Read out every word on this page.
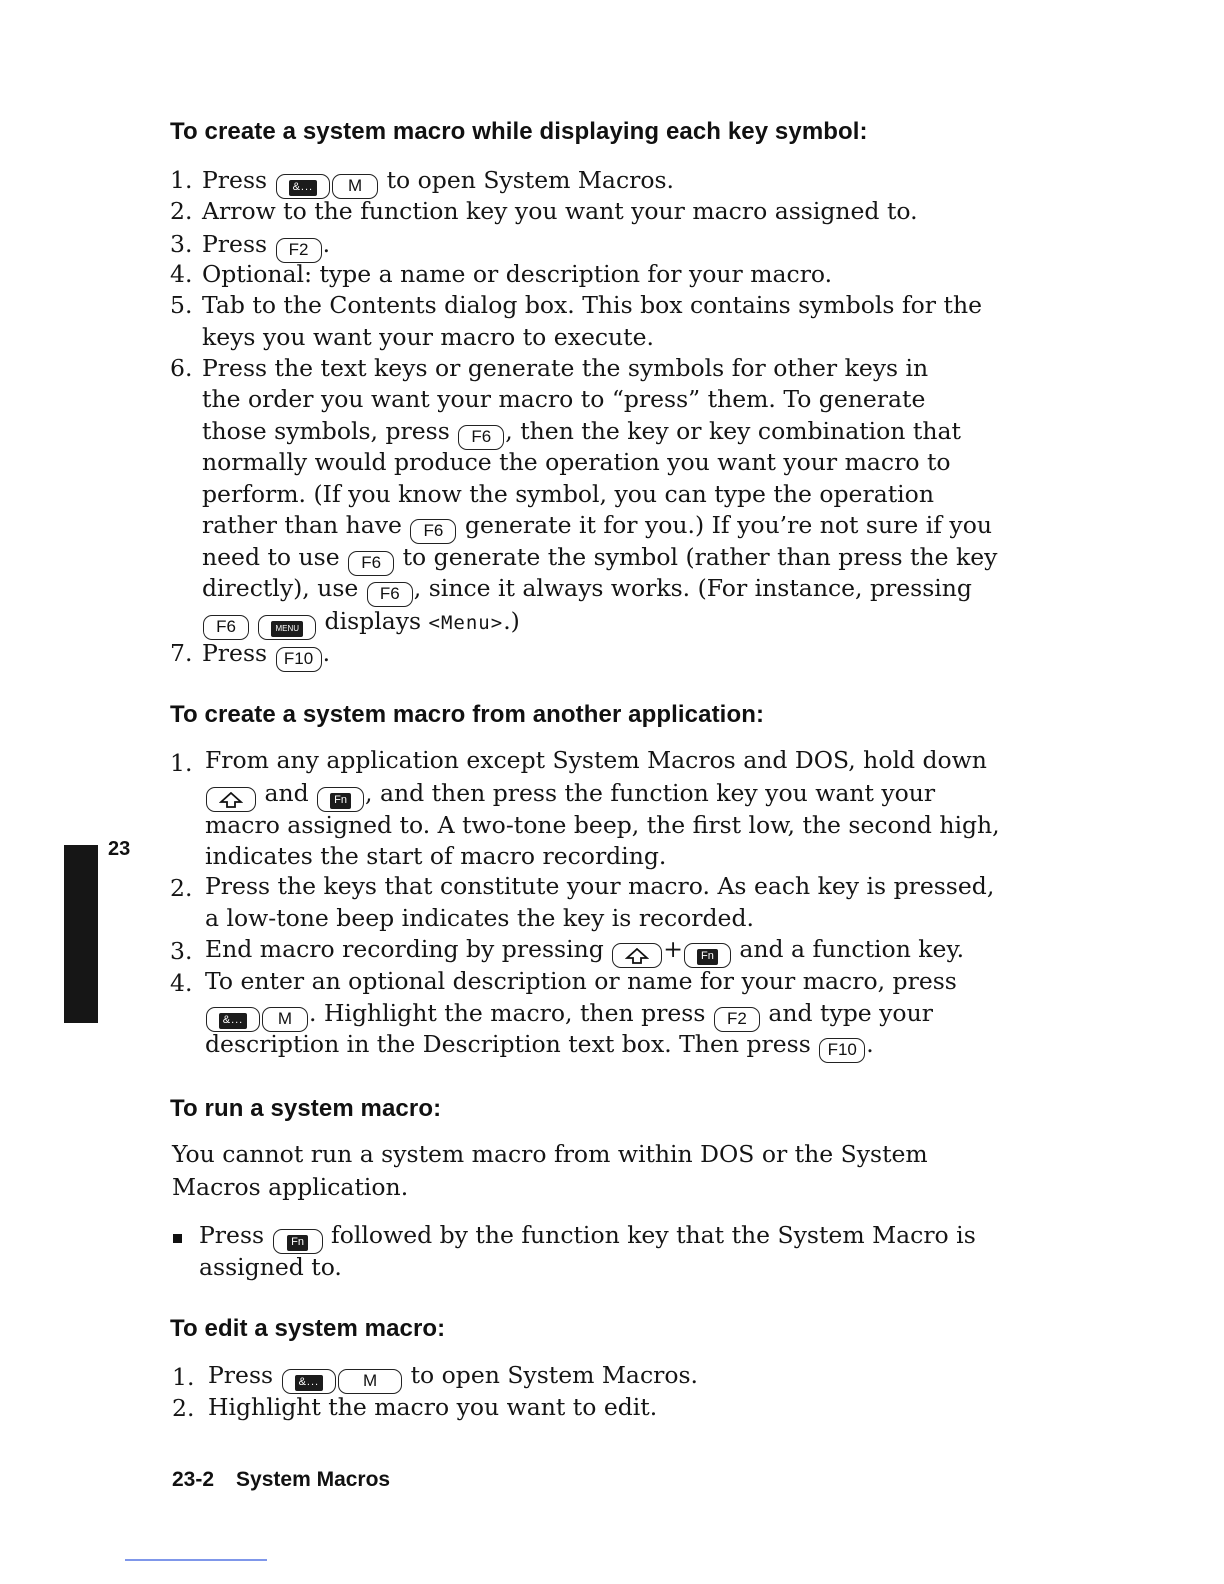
To create a system macro while displaying each key symbol:
1. Press &... M to open System Macros.

2. Arrow to the function key you want your macro assigned to.

3. Press F2 .

4. Optional: type a name or description for your macro.

5. Tab to the Contents dialog box. This box contains symbols for the

keys you want your macro to execute.

6. Press the text keys or generate the symbols for other keys in

the order you want your macro to “press” them. To generate

those symbols, press F6 , then the key or key combination that

normally would produce the operation you want your macro to

perform. (If you know the symbol, you can type the operation

rather than have F6 generate it for you.) If you’re not sure if you

need to use F6 to generate the symbol (rather than press the key

directly), use F6 , since it always works. (For instance, pressing

F6	MENU displays <Menu>.)

7. Press F10 .

To create a system macro from another application:
1. From any application except System Macros and DOS, hold down

and Fn , and then press the function key you want your

macro assigned to. A two-tone beep, the first low, the second high,

indicates the start of macro recording.

2. Press the keys that constitute your macro. As each key is pressed,

a low-tone beep indicates the key is recorded.

3. End macro recording by pressing	+ Fn and a function key.

4. To enter an optional description or name for your macro, press

&... M . Highlight the macro, then press F2 and type your

description in the Description text box. Then press F10 .

To run a system macro:

You cannot run a system macro from within DOS or the System

Macros application.

Press Fn followed by the function key that the System Macro is

assigned to.

To edit a system macro:
1. Press &...	M to open System Macros.

2. Highlight the macro you want to edit.

23
23-2 System Macros
